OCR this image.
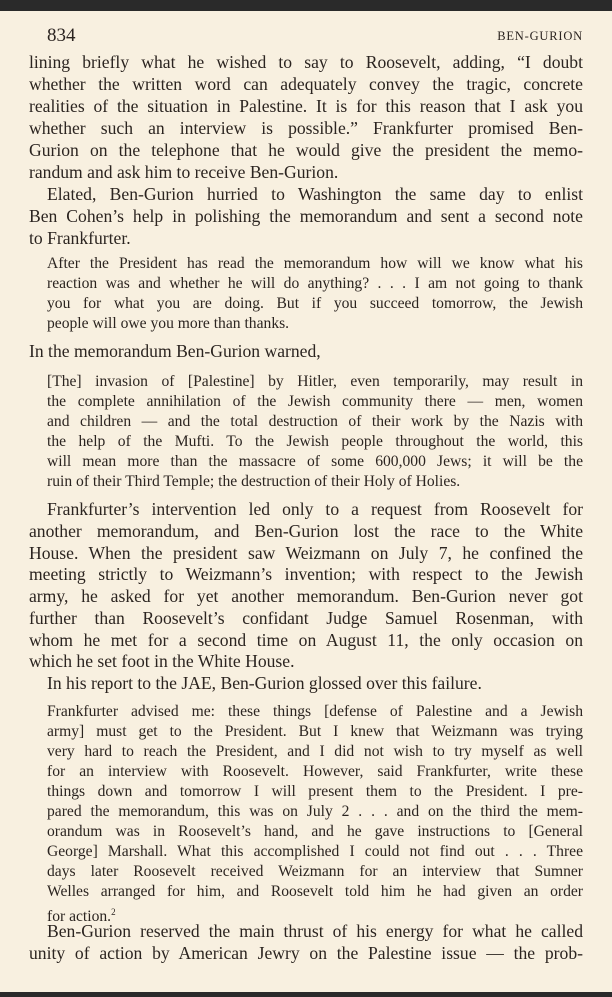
834	BEN-GURION
lining briefly what he wished to say to Roosevelt, adding, “I doubt
whether the written word can adequately convey the tragic, concrete
realities of the situation in Palestine. It is for this reason that I ask you
whether such an interview is possible.” Frankfurter promised Ben-
Gurion on the telephone that he would give the president the memo-
randum and ask him to receive Ben-Gurion.
Elated, Ben-Gurion hurried to Washington the same day to enlist
Ben Cohen’s help in polishing the memorandum and sent a second note
to Frankfurter.
After the President has read the memorandum how will we know what his
reaction was and whether he will do anything? . . . I am not going to thank
you for what you are doing. But if you succeed tomorrow, the Jewish
people will owe you more than thanks.
In the memorandum Ben-Gurion warned,
[The] invasion of [Palestine] by Hitler, even temporarily, may result in
the complete annihilation of the Jewish community there — men, women
and children — and the total destruction of their work by the Nazis with
the help of the Mufti. To the Jewish people throughout the world, this
will mean more than the massacre of some 600,000 Jews; it will be the
ruin of their Third Temple; the destruction of their Holy of Holies.
Frankfurter’s intervention led only to a request from Roosevelt for
another memorandum, and Ben-Gurion lost the race to the White
House. When the president saw Weizmann on July 7, he confined the
meeting strictly to Weizmann’s invention; with respect to the Jewish
army, he asked for yet another memorandum. Ben-Gurion never got
further than Roosevelt’s confidant Judge Samuel Rosenman, with
whom he met for a second time on August 11, the only occasion on
which he set foot in the White House.
In his report to the JAE, Ben-Gurion glossed over this failure.
Frankfurter advised me: these things [defense of Palestine and a Jewish
army] must get to the President. But I knew that Weizmann was trying
very hard to reach the President, and I did not wish to try myself as well
for an interview with Roosevelt. However, said Frankfurter, write these
things down and tomorrow I will present them to the President. I pre-
pared the memorandum, this was on July 2 . . . and on the third the mem-
orandum was in Roosevelt’s hand, and he gave instructions to [General
George] Marshall. What this accomplished I could not find out . . . Three
days later Roosevelt received Weizmann for an interview that Sumner
Welles arranged for him, and Roosevelt told him he had given an order
for action.$^2$
Ben-Gurion reserved the main thrust of his energy for what he called
unity of action by American Jewry on the Palestine issue — the prob-
